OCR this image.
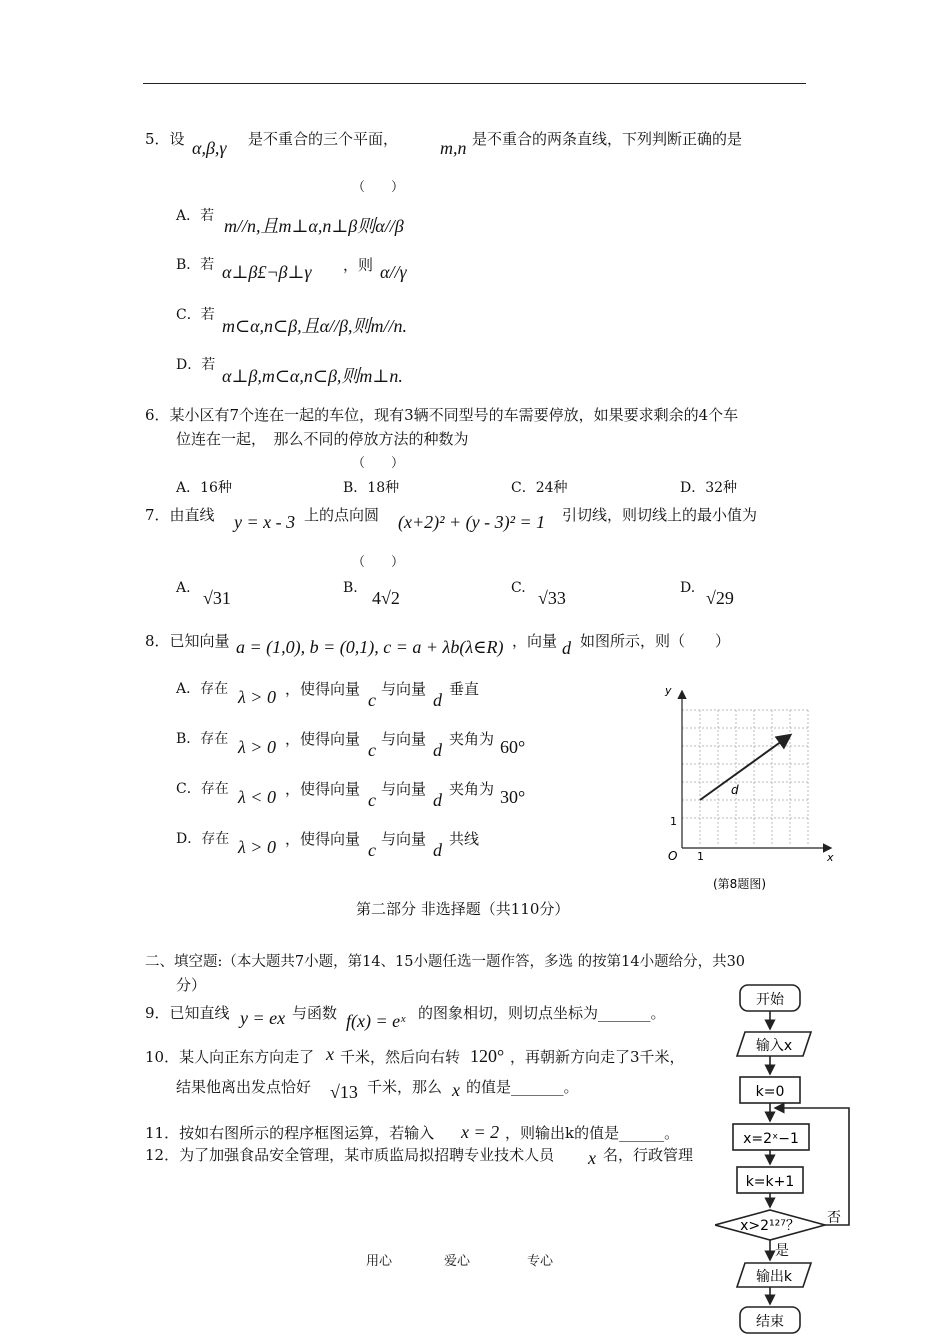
5．设 α,β,γ 是不重合的三个平面， m,n 是不重合的两条直线，下列判断正确的是
（　　）
A．若 m//n,且m⊥α,n⊥β则α//β
B．若 α⊥β£¬β⊥γ ，则 α//γ
C．若
m⊂α,n⊂β,且α//β,则m//n.
D．若
α⊥β,m⊂α,n⊂β,则m⊥n.
6．某小区有7个连在一起的车位，现有3辆不同型号的车需要停放，如果要求剩余的4个车
位连在一起，　那么不同的停放方法的种数为
（　　）
A．16种	B．18种	C．24种	D．32种
7．由直线 y = x - 3 上的点向圆 (x+2)² + (y - 3)² = 1 引切线，则切线上的最小值为
（　　）
A. √31	B. 4√2	C. √33	D. √29
8．已知向量 a = (1,0), b = (0,1), c = a + λb(λ∈R) ，向量 d 如图所示，则（　　）
A．存在 λ > 0 ，使得向量
c
与向量
d
垂直
B．存在 λ > 0 ，使得向量
c
与向量
d
夹角为 60°
C．存在 λ < 0 ，使得向量
c
与向量
d
夹角为 30°
D．存在 λ > 0 ，使得向量
c
与向量
d
共线
y
x
O 1
1
d
(第8题图)
第二部分 非选择题（共110分）
二、填空题:（本大题共7小题，第14、15小题任选一题作答，多选 的按第14小题给分，共30
分）
9．已知直线 y = ex 与函数 f(x) = eˣ 的图象相切，则切点坐标为_______。
10．某人向正东方向走了 x 千米，然后向右转 120° ，再朝新方向走了3千米，
结果他离出发点恰好 √13 千米，那么 x 的值是_______。
11．按如右图所示的程序框图运算，若输入 x = 2 ，则输出k的值是______。
12．为了加强食品安全管理，某市质监局拟招聘专业技术人员 x 名，行政管理
开始
输入x
k=0
x=2ˣ−1
k=k+1
x>2¹²⁷？ 否
是
输出k
结束
用心	爱心	专心
